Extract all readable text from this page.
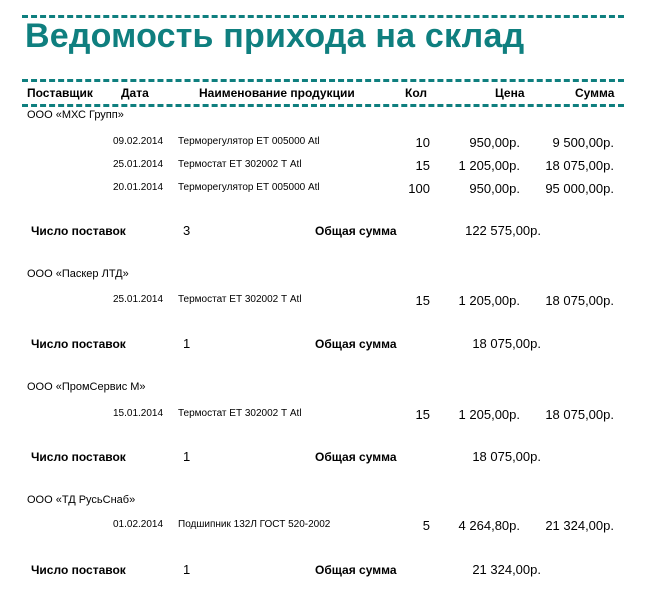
Ведомость прихода на склад
Поставщик Дата	Наименование продукции	Кол	Цена	Сумма
ООО «МХС Групп»
09.02.2014 Терморегулятор ЕТ 005000 Atl	10	950,00р.	9 500,00р.
25.01.2014 Термостат ЕТ 302002 Т Atl	15	1 205,00р.	18 075,00р.
20.01.2014 Терморегулятор ЕТ 005000 Atl	100	950,00р.	95 000,00р.
Число поставок	3	Общая сумма	122 575,00р.
ООО «Паскер ЛТД»
25.01.2014 Термостат ЕТ 302002 Т Atl	15	1 205,00р.	18 075,00р.
Число поставок	1	Общая сумма	18 075,00р.
ООО «ПромСервис М»
15.01.2014 Термостат ЕТ 302002 Т Atl	15	1 205,00р.	18 075,00р.
Число поставок	1	Общая сумма	18 075,00р.
ООО «ТД РусьСнаб»
01.02.2014 Подшипник 132Л ГОСТ 520-2002	5	4 264,80р.	21 324,00р.
Число поставок	1	Общая сумма	21 324,00р.
